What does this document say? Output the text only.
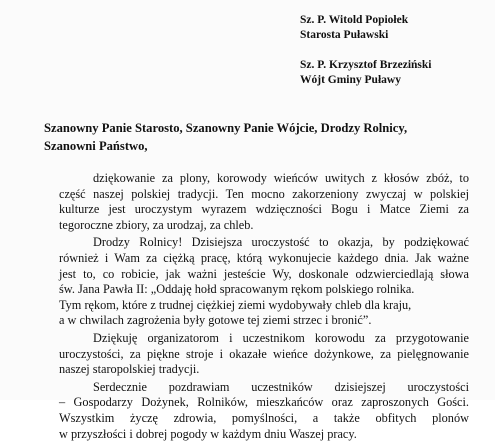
Sz. P. Witold Popiołek
Starosta Puławski
Sz. P. Krzysztof Brzeziński
Wójt Gminy Puławy
Szanowny Panie Starosto, Szanowny Panie Wójcie, Drodzy Rolnicy,
Szanowni Państwo,
dziękowanie za plony, korowody wieńców uwitych z kłosów zbóż, to
część naszej polskiej tradycji. Ten mocno zakorzeniony zwyczaj w polskiej
kulturze jest uroczystym wyrazem wdzięczności Bogu i Matce Ziemi za
tegoroczne zbiory, za urodzaj, za chleb.
Drodzy Rolnicy! Dzisiejsza uroczystość to okazja, by podziękować
również i Wam za ciężką pracę, którą wykonujecie każdego dnia. Jak ważne
jest to, co robicie, jak ważni jesteście Wy, doskonale odzwierciedlają słowa
św. Jana Pawła II: „Oddaję hołd spracowanym rękom polskiego rolnika.
Tym rękom, które z trudnej ciężkiej ziemi wydobywały chleb dla kraju,
a w chwilach zagrożenia były gotowe tej ziemi strzec i bronić”.
Dziękuję organizatorom i uczestnikom korowodu za przygotowanie
uroczystości, za piękne stroje i okazałe wieńce dożynkowe, za pielęgnowanie
naszej staropolskiej tradycji.
Serdecznie pozdrawiam uczestników dzisiejszej uroczystości
– Gospodarzy Dożynek, Rolników, mieszkańców oraz zaproszonych Gości.
Wszystkim życzę zdrowia, pomyślności, a także obfitych plonów
w przyszłości i dobrej pogody w każdym dniu Waszej pracy.
